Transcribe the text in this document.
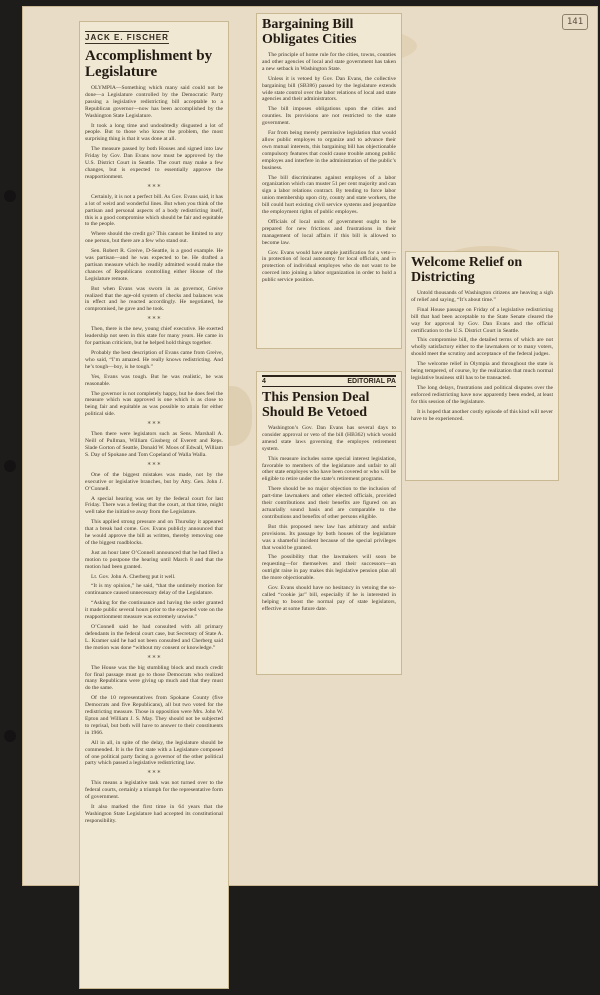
141
JACK E. FISCHER
Accomplishment by Legislature

OLYMPIA—Something which many said could not be done—a Legislature controlled by the Democratic Party passing a legislative redistricting bill acceptable to a Republican governor—now has been accomplished by the Washington State Legislature.

It took a long time and undoubtedly disgusted a lot of people. But to those who know the problem, the most surprising thing is that it was done at all.

The measure passed by both Houses and signed into law Friday by Gov. Dan Evans now must be approved by the U.S. District Court in Seattle. The court may make a few changes, but is expected to essentially approve the reapportionment.

* * *

Certainly, it is not a perfect bill. As Gov. Evans said, it has a lot of weird and wonderful lines. But when you think of the partisan and personal aspects of a body redistricting itself, this is a good compromise which should be fair and equitable to the people.

Where should the credit go? This cannot be limited to any one person, but there are a few who stand out.

Sen. Robert R. Greive, D-Seattle, is a good example. He was partisan—and he was expected to be. He drafted a partisan measure which he readily admitted would make the chances of Republicans controlling either House of the Legislature remote.

But when Evans was sworn in as governor, Greive realized that the age-old system of checks and balances was in effect and he reacted accordingly. He negotiated, he compromised, he gave and he took.

* * *

Then, there is the new, young chief executive. He exerted leadership not seen in this state for many years. He came in for partisan criticism, but he helped hold things together.

Probably the best description of Evans came from Greive, who said, “I’m amazed. He really knows redistricting. And he’s tough—boy, is he tough.”

Yes, Evans was tough. But he was realistic, he was reasonable.

The governor is not completely happy, but he does feel the measure which was approved is one which is as close to being fair and equitable as was possible to attain for either political side.

* * *

Then there were legislators such as Sens. Marshall A. Neill of Pullman, William Gissberg of Everett and Reps. Slade Gorton of Seattle, Donald W. Moos of Edwall, William S. Day of Spokane and Tom Copeland of Walla Walla.

* * *

One of the biggest mistakes was made, not by the executive or legislative branches, but by Atty. Gen. John J. O’Connell.

A special hearing was set by the federal court for last Friday. There was a feeling that the court, at that time, might well take the initiative away from the Legislature.

This applied strong pressure and on Thursday it appeared that a break had come. Gov. Evans publicly announced that he would approve the bill as written, thereby removing one of the biggest roadblocks.

Just an hour later O’Connell announced that he had filed a motion to postpone the hearing until March 8 and that the motion had been granted.

Lt. Gov. John A. Cherberg put it well.

“It is my opinion,” he said, “that the untimely motion for continuance caused unnecessary delay of the Legislature.

“Asking for the continuance and having the order granted it made public several hours prior to the expected vote on the reapportionment measure was extremely unwise.”

O’Connell said he had consulted with all primary defendants in the federal court case, but Secretary of State A. L. Kramer said he had not been consulted and Cherberg said the motion was done “without my consent or knowledge.”

* * *

The House was the big stumbling block and much credit for final passage must go to those Democrats who realized many Republicans were giving up much and that they must do the same.

Of the 10 representatives from Spokane County (five Democrats and five Republicans), all but two voted for the redistricting measure. Those in opposition were Mrs. John W. Epton and William J. S. May. They should not be subjected to reprisal, but both will have to answer to their constituents in 1966.

All in all, in spite of the delay, the legislature should be commended. It is the first state with a Legislature composed of one political party facing a governor of the other political party which passed a legislative redistricting law.

* * *

This means a legislative task was not turned over to the federal courts, certainly a triumph for the representative form of government.

It also marked the first time in 64 years that the Washington State Legislature had accepted its constitutional responsibility.

Bargaining Bill Obligates Cities

The principle of home rule for the cities, towns, counties and other agencies of local and state government has taken a new setback in Washington State.

Unless it is vetoed by Gov. Dan Evans, the collective bargaining bill (SB386) passed by the legislature extends wide state control over the labor relations of local and state agencies and their administrators.

The bill imposes obligations upon the cities and counties. Its provisions are not restricted to the state government.

Far from being merely permissive legislation that would allow public employes to organize and to advance their own mutual interests, this bargaining bill has objectionable compulsory features that could cause trouble among public employes and interfere in the administration of the public’s business.

The bill discriminates against employes of a labor organization which can muster 51 per cent majority and can sign a labor relations contract. By tending to force labor union membership upon city, county and state workers, the bill could hurt existing civil service systems and jeopardize the employment rights of public employes.

Officials of local units of government ought to be prepared for new frictions and frustrations in their management of local affairs if this bill is allowed to become law.

Gov. Evans would have ample justification for a veto—in protection of local autonomy for local officials, and in protection of individual employes who do not want to be coerced into joining a labor organization in order to hold a public service position.

4	EDITORIAL PA
This Pension Deal Should Be Vetoed

Washington’s Gov. Dan Evans has several days to consider approval or veto of the bill (HB362) which would amend state laws governing the employes retirement system.

This measure includes some special interest legislation, favorable to members of the legislature and unfair to all other state employes who have been covered or who will be eligible to retire under the state’s retirement programs.

There should be no major objection to the inclusion of part-time lawmakers and other elected officials, provided their contributions and their benefits are figured on an actuarially sound basis and are comparable to the contributions and benefits of other persons eligible.

But this proposed new law has arbitrary and unfair provisions. Its passage by both houses of the legislature was a shameful incident because of the special privileges that would be granted.

The possibility that the lawmakers will soon be requesting—for themselves and their successors—an outright raise in pay makes this legislative pension plan all the more objectionable.

Gov. Evans should have no hesitancy in vetoing the so-called “cookie jar” bill, especially if he is interested in helping to boost the normal pay of state legislators, effective at some future date.

Welcome Relief on Districting

Untold thousands of Washington citizens are heaving a sigh of relief and saying, “It’s about time.”

Final House passage on Friday of a legislative redistricting bill that had been acceptable to the State Senate cleared the way for approval by Gov. Dan Evans and the official certification to the U.S. District Court in Seattle.

This compromise bill, the detailed terms of which are not wholly satisfactory either to the lawmakers or to many voters, should meet the scrutiny and acceptance of the federal judges.

The welcome relief in Olympia and throughout the state is being tempered, of course, by the realization that much normal legislative business still has to be transacted.

The long delays, frustrations and political disputes over the enforced redistricting have now apparently been ended, at least for this session of the legislature.

It is hoped that another costly episode of this kind will never have to be experienced.
